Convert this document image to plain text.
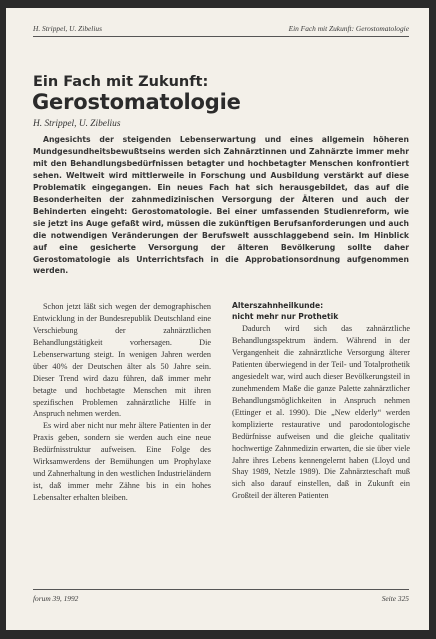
H. Strippel, U. Zibelius	Ein Fach mit Zukunft: Gerostomatologie
Ein Fach mit Zukunft:
Gerostomatologie
H. Strippel, U. Zibelius

Angesichts der steigenden Lebenserwartung und eines allgemein höheren Mundgesundheitsbewußtseins werden sich Zahnärztinnen und Zahnärzte immer mehr mit den Behandlungsbedürfnissen betagter und hochbetagter Menschen konfrontiert sehen. Weltweit wird mittlerweile in Forschung und Ausbildung verstärkt auf diese Problematik eingegangen. Ein neues Fach hat sich herausgebildet, das auf die Besonderheiten der zahnmedizinischen Versorgung der Älteren und auch der Behinderten eingeht: Gerostomatologie. Bei einer umfassenden Studienreform, wie sie jetzt ins Auge gefaßt wird, müssen die zukünftigen Berufsanforderungen und auch die notwendigen Veränderungen der Berufswelt ausschlaggebend sein. Im Hinblick auf eine gesicherte Versorgung der älteren Bevölkerung sollte daher Gerostomatologie als Unterrichtsfach in die Approbationsordnung aufgenommen werden.

Schon jetzt läßt sich wegen der demographischen Entwicklung in der Bundesrepublik Deutschland eine Verschiebung der zahnärztlichen Behandlungstätigkeit vorhersagen. Die Lebenserwartung steigt. In wenigen Jahren werden über 40% der Deutschen älter als 50 Jahre sein. Dieser Trend wird dazu führen, daß immer mehr betagte und hochbetagte Menschen mit ihren spezifischen Problemen zahnärztliche Hilfe in Anspruch nehmen werden.

Es wird aber nicht nur mehr ältere Patienten in der Praxis geben, sondern sie werden auch eine neue Bedürfnisstruktur aufweisen. Eine Folge des Wirksamwerdens der Bemühungen um Prophylaxe und Zahnerhaltung in den westlichen Industrieländern ist, daß immer mehr Zähne bis in ein hohes Lebensalter erhalten bleiben.

Alterszahnheilkunde:
nicht mehr nur Prothetik

Dadurch wird sich das zahnärztliche Behandlungsspektrum ändern. Während in der Vergangenheit die zahnärztliche Versorgung älterer Patienten überwiegend in der Teil- und Totalprothetik angesiedelt war, wird auch dieser Bevölkerungsteil in zunehmendem Maße die ganze Palette zahnärztlicher Behandlungsmöglichkeiten in Anspruch nehmen (Ettinger et al. 1990). Die „New elderly“ werden komplizierte restaurative und parodontologische Bedürfnisse aufweisen und die gleiche qualitativ hochwertige Zahnmedizin erwarten, die sie über viele Jahre ihres Lebens kennengelernt haben (Lloyd und Shay 1989, Netzle 1989). Die Zahnärzteschaft muß sich also darauf einstellen, daß in Zukunft ein Großteil der älteren Patienten

forum 39, 1992	Seite 325
